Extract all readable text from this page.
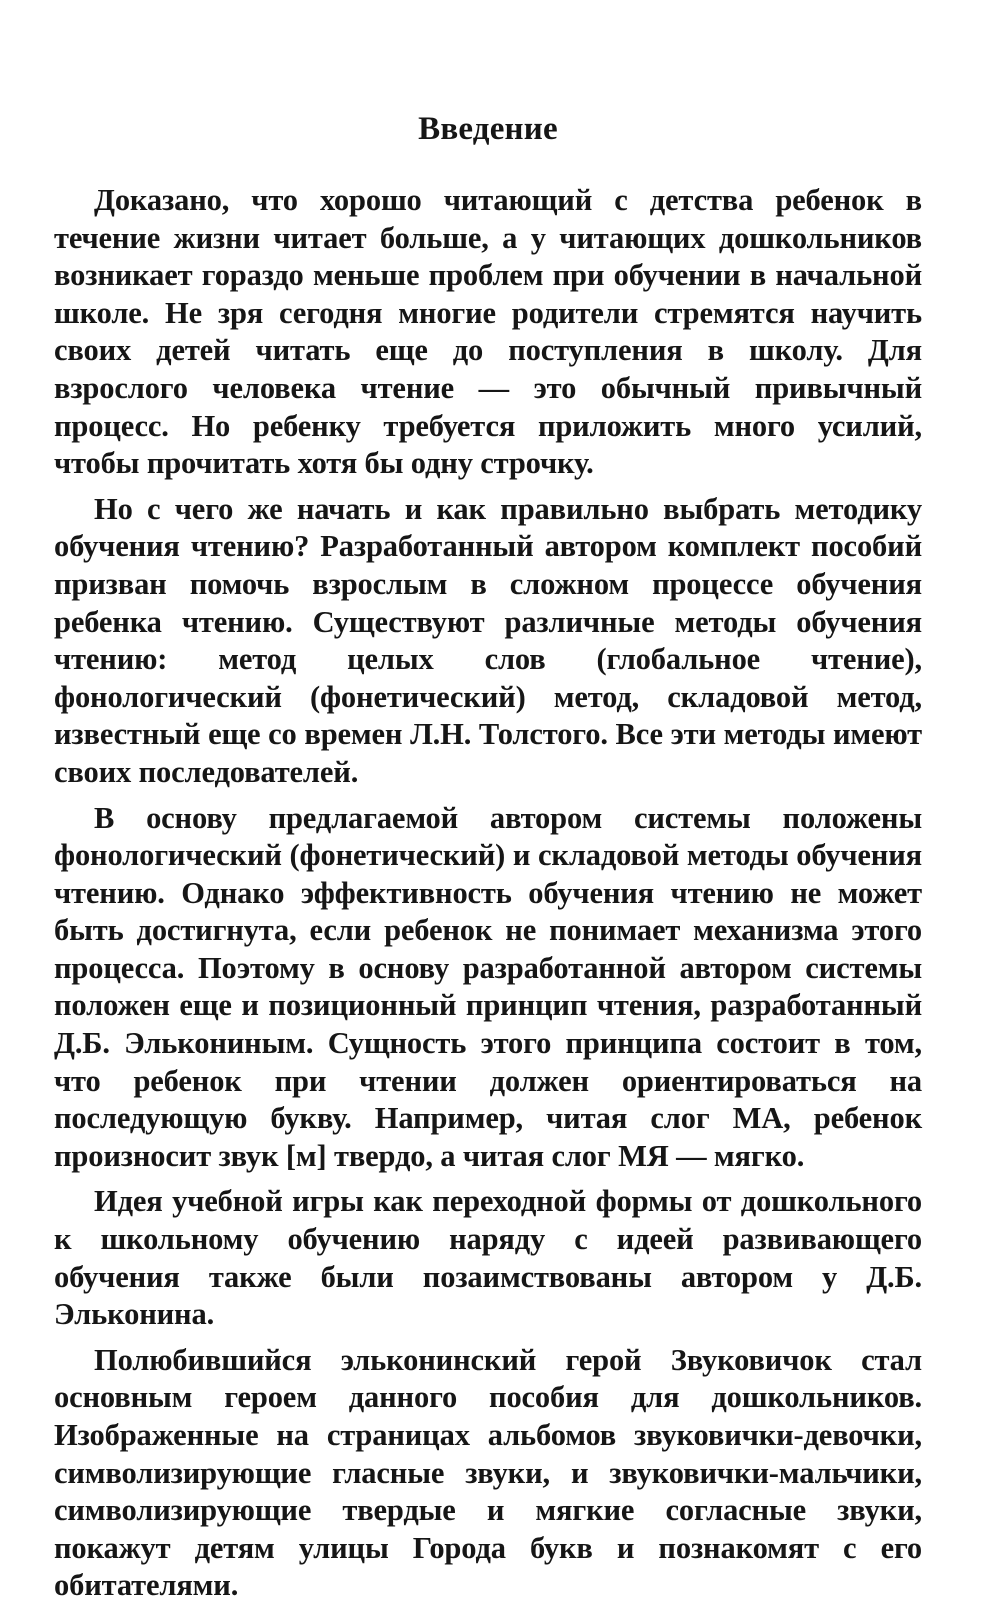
Введение

Доказано, что хорошо читающий с детства ребенок в течение жизни читает больше, а у читающих дошкольников возникает гораздо меньше проблем при обучении в начальной школе. Не зря сегодня многие родители стремятся научить своих детей читать еще до поступления в школу. Для взрослого человека чтение — это обычный привычный процесс. Но ребенку требуется приложить много усилий, чтобы прочитать хотя бы одну строчку.

Но с чего же начать и как правильно выбрать методику обучения чтению? Разработанный автором комплект пособий призван помочь взрослым в сложном процессе обучения ребенка чтению. Существуют различные методы обучения чтению: метод целых слов (глобальное чтение), фонологический (фонетический) метод, складовой метод, известный еще со времен Л.Н. Толстого. Все эти методы имеют своих последователей.

В основу предлагаемой автором системы положены фонологический (фонетический) и складовой методы обучения чтению. Однако эффективность обучения чтению не может быть достигнута, если ребенок не понимает механизма этого процесса. Поэтому в основу разработанной автором системы положен еще и позиционный принцип чтения, разработанный Д.Б. Элькониным. Сущность этого принципа состоит в том, что ребенок при чтении должен ориентироваться на последующую букву. Например, читая слог МА, ребенок произносит звук [м] твердо, а читая слог МЯ — мягко.

Идея учебной игры как переходной формы от дошкольного к школьному обучению наряду с идеей развивающего обучения также были позаимствованы автором у Д.Б. Эльконина.

Полюбившийся эльконинский герой Звуковичок стал основным героем данного пособия для дошкольников. Изображенные на страницах альбомов звуковички-девочки, символизирующие гласные звуки, и звуковички-мальчики, символизирующие твердые и мягкие согласные звуки, покажут детям улицы Города букв и познакомят с его обитателями.
